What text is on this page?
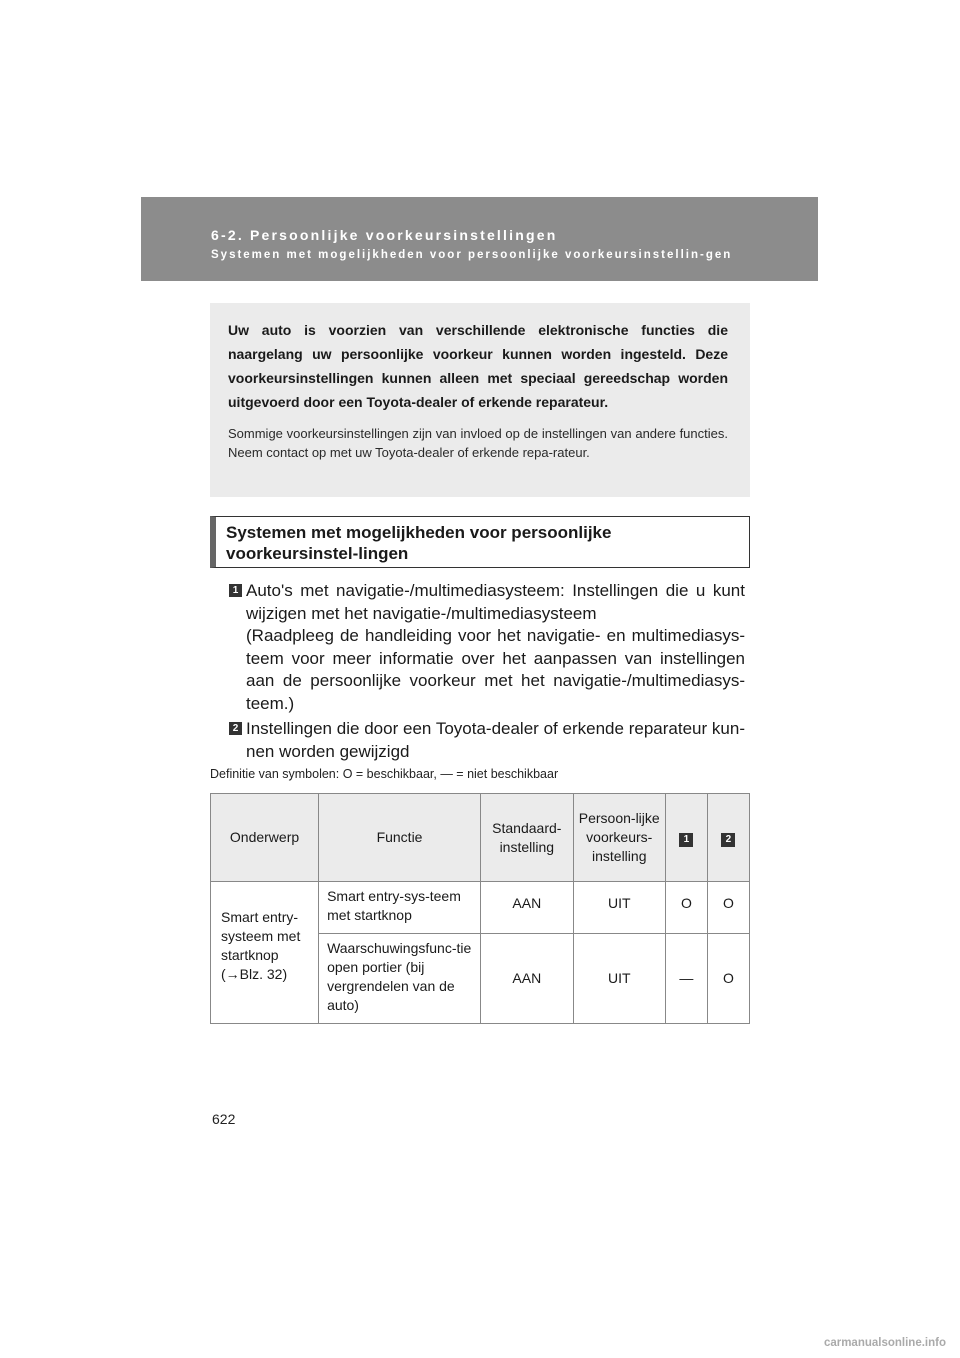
6-2. Persoonlijke voorkeursinstellingen
Systemen met mogelijkheden voor persoonlijke voorkeursinstellin-gen

Uw auto is voorzien van verschillende elektronische functies die naargelang uw persoonlijke voorkeur kunnen worden ingesteld. Deze voorkeursinstellingen kunnen alleen met speciaal gereedschap worden uitgevoerd door een Toyota-dealer of erkende reparateur.

Sommige voorkeursinstellingen zijn van invloed op de instellingen van andere functies. Neem contact op met uw Toyota-dealer of erkende repa-rateur.

Systemen met mogelijkheden voor persoonlijke voorkeursinstel-lingen
1 Auto's met navigatie-/multimediasysteem: Instellingen die u kunt wijzigen met het navigatie-/multimediasysteem
(Raadpleeg de handleiding voor het navigatie- en multimediasys-teem voor meer informatie over het aanpassen van instellingen aan de persoonlijke voorkeur met het navigatie-/multimediasys-teem.)
2 Instellingen die door een Toyota-dealer of erkende reparateur kun-nen worden gewijzigd
Definitie van symbolen: O = beschikbaar, — = niet beschikbaar
Onderwerp	Functie	Standaard-instelling	Persoon-lijke voorkeurs-instelling	1	2
Smart entry-systeem met startknop (→Blz. 32)	Smart entry-sys-teem met startknop	AAN	UIT	O	O
	Waarschuwingsfunc-tie open portier (bij vergrendelen van de auto)	AAN	UIT	—	O
622
carmanualsonline.info
